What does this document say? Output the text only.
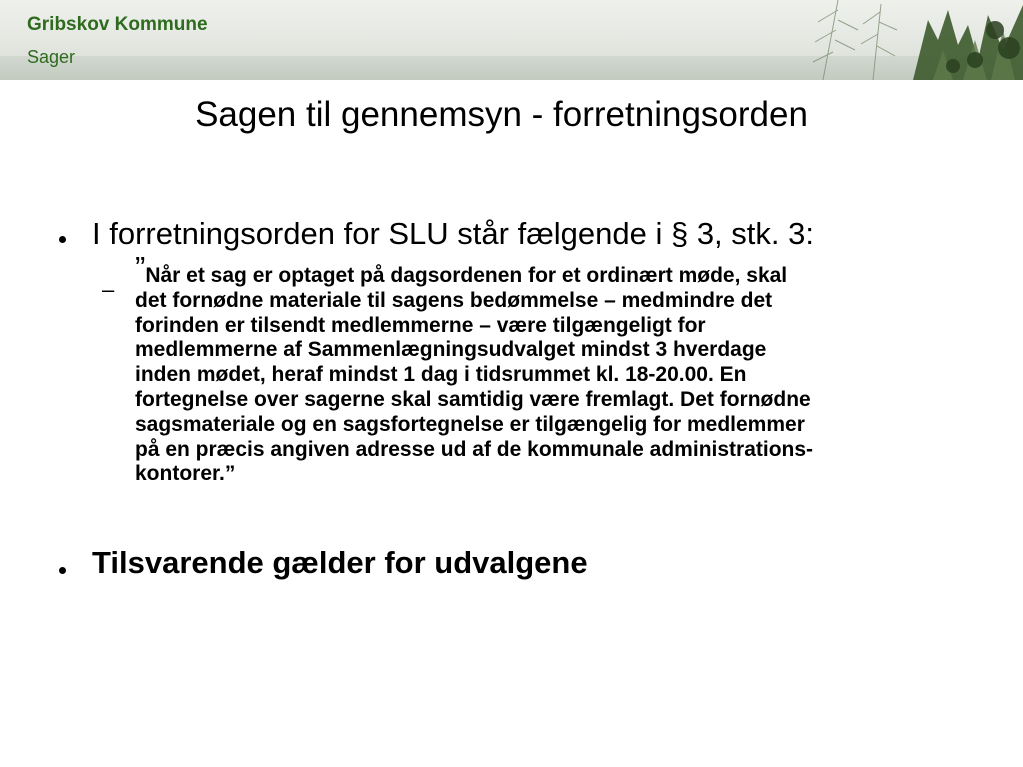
Gribskov Kommune
Sager
Sagen til gennemsyn - forretningsorden
I forretningsorden for SLU står fælgende i § 3, stk. 3:
–
”Når et sag er optaget på dagsordenen for et ordinært møde, skal
det fornødne materiale til sagens bedømmelse – medmindre det
forinden er tilsendt medlemmerne – være tilgængeligt for
medlemmerne af Sammenlægningsudvalget mindst 3 hverdage
inden mødet, heraf mindst 1 dag i tidsrummet kl. 18-20.00. En
fortegnelse over sagerne skal samtidig være fremlagt. Det fornødne
sagsmateriale og en sagsfortegnelse er tilgængelig for medlemmer
på en præcis angiven adresse ud af de kommunale administrations-
kontorer.”
Tilsvarende gælder for udvalgene
